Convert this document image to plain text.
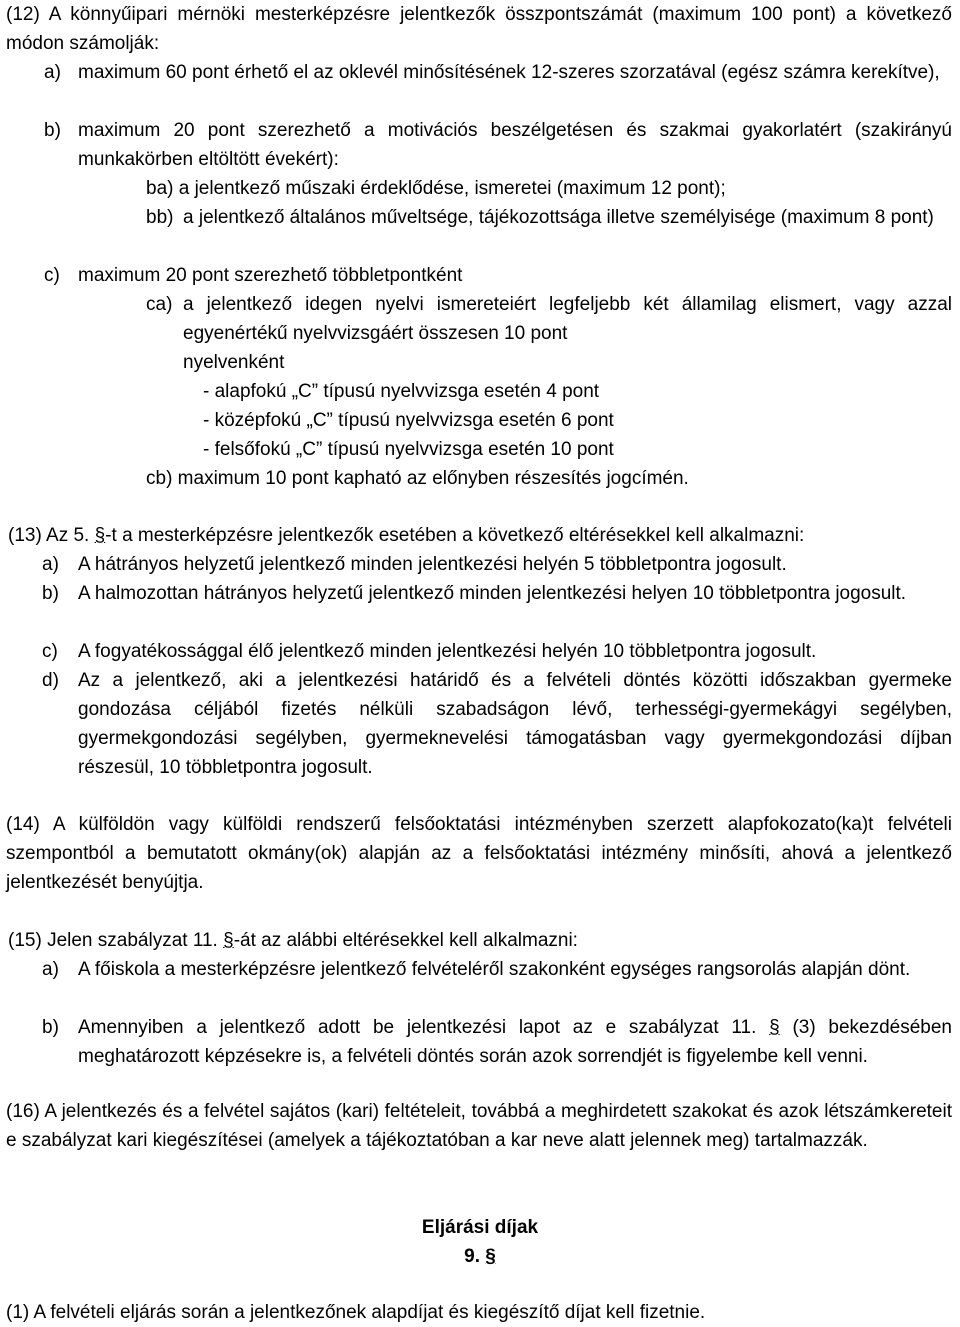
(12) A könnyűipari mérnöki mesterképzésre jelentkezők összpontszámát (maximum 100 pont) a következő módon számolják:
a) maximum 60 pont érhető el az oklevél minősítésének 12-szeres szorzatával (egész számra kerekítve),
b) maximum 20 pont szerezhető a motivációs beszélgetésen és szakmai gyakorlatért (szakirányú munkakörben eltöltött évekért):
ba) a jelentkező műszaki érdeklődése, ismeretei (maximum 12 pont);
bb) a jelentkező általános műveltsége, tájékozottsága illetve személyisége (maximum 8 pont)
c) maximum 20 pont szerezhető többletpontként
ca) a jelentkező idegen nyelvi ismereteiért legfeljebb két államilag elismert, vagy azzal egyenértékű nyelvvizsgáért összesen 10 pont
nyelvenként
- alapfokú „C” típusú nyelvvizsga esetén 4 pont
- középfokú „C” típusú nyelvvizsga esetén 6 pont
- felsőfokú „C” típusú nyelvvizsga esetén 10 pont
cb) maximum 10 pont kapható az előnyben részesítés jogcímén.
(13) Az 5. §-t a mesterképzésre jelentkezők esetében a következő eltérésekkel kell alkalmazni:
a)	A hátrányos helyzetű jelentkező minden jelentkezési helyén 5 többletpontra jogosult.
b)	A halmozottan hátrányos helyzetű jelentkező minden jelentkezési helyen 10 többletpontra jogosult.
c)	A fogyatékossággal élő jelentkező minden jelentkezési helyén 10 többletpontra jogosult.
d)	Az a jelentkező, aki a jelentkezési határidő és a felvételi döntés közötti időszakban gyermeke gondozása céljából fizetés nélküli szabadságon lévő, terhességi-gyermekágyi segélyben, gyermekgondozási segélyben, gyermeknevelési támogatásban vagy gyermekgondozási díjban részesül, 10 többletpontra jogosult.
(14) A külföldön vagy külföldi rendszerű felsőoktatási intézményben szerzett alapfokozato(ka)t felvételi szempontból a bemutatott okmány(ok) alapján az a felsőoktatási intézmény minősíti, ahová a jelentkező jelentkezését benyújtja.
(15) Jelen szabályzat 11. §-át az alábbi eltérésekkel kell alkalmazni:
a)	A főiskola a mesterképzésre jelentkező felvételéről szakonként egységes rangsorolás alapján dönt.
b)	Amennyiben a jelentkező adott be jelentkezési lapot az e szabályzat 11. § (3) bekezdésében meghatározott képzésekre is, a felvételi döntés során azok sorrendjét is figyelembe kell venni.
(16) A jelentkezés és a felvétel sajátos (kari) feltételeit, továbbá a meghirdetett szakokat és azok létszámkereteit e szabályzat kari kiegészítései (amelyek a tájékoztatóban a kar neve alatt jelennek meg) tartalmazzák.
Eljárási díjak
9. §
(1) A felvételi eljárás során a jelentkezőnek alapdíjat és kiegészítő díjat kell fizetnie.
